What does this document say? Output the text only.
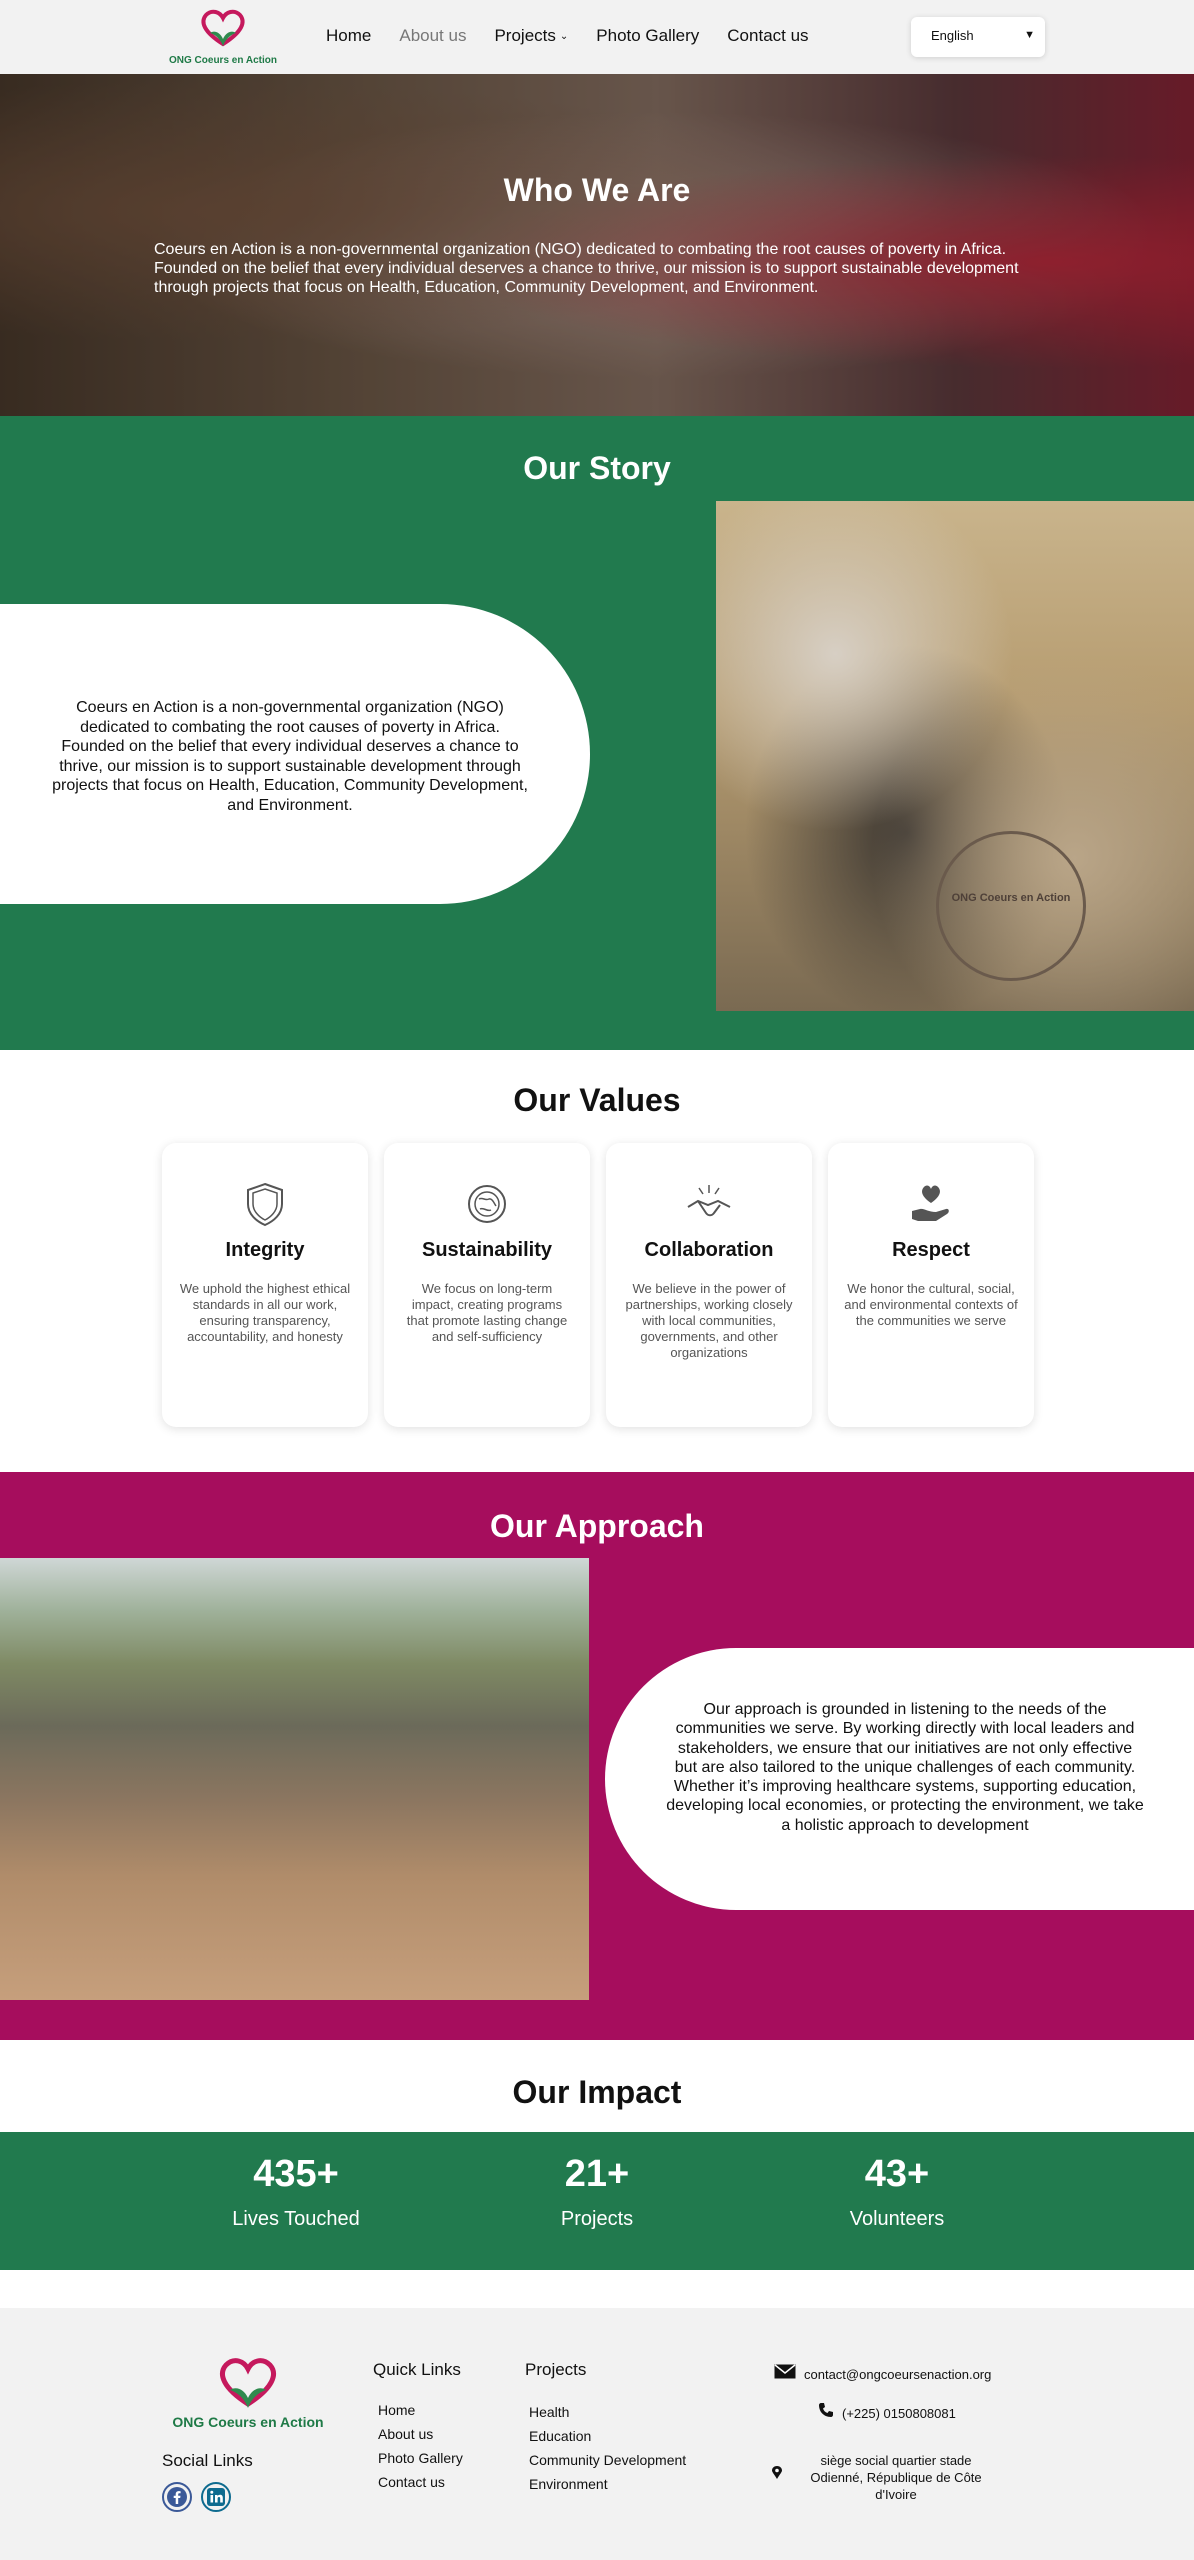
ONG Coeurs en Action
Home About us Projects ⌄ Photo Gallery Contact us	English	▼
Who We Are

Coeurs en Action is a non-governmental organization (NGO) dedicated to combating the root causes of poverty in Africa. Founded on the belief that every individual deserves a chance to thrive, our mission is to support sustainable development through projects that focus on Health, Education, Community Development, and Environment.

Our Story

Coeurs en Action is a non-governmental organization (NGO) dedicated to combating the root causes of poverty in Africa. Founded on the belief that every individual deserves a chance to thrive, our mission is to support sustainable development through projects that focus on Health, Education, Community Development, and Environment.

ONG Coeurs en Action
Our Values
Integrity
We uphold the highest ethical standards in all our work, ensuring transparency, accountability, and honesty
Sustainability
We focus on long-term impact, creating programs that promote lasting change and self-sufficiency
Collaboration
We believe in the power of partnerships, working closely with local communities, governments, and other organizations
Respect
We honor the cultural, social, and environmental contexts of the communities we serve
Our Approach

Our approach is grounded in listening to the needs of the communities we serve. By working directly with local leaders and stakeholders, we ensure that our initiatives are not only effective but are also tailored to the unique challenges of each community. Whether it’s improving healthcare systems, supporting education, developing local economies, or protecting the environment, we take a holistic approach to development

Our Impact
435+
Lives Touched
21+
Projects
43+
Volunteers
ONG Coeurs en Action
Social Links
Quick Links
Home
About us
Photo Gallery
Contact us
Projects
Health
Education
Community Development
Environment
contact@ongcoeursenaction.org
(+225) 0150808081
siège social quartier stade Odienné, République de Côte d'Ivoire
